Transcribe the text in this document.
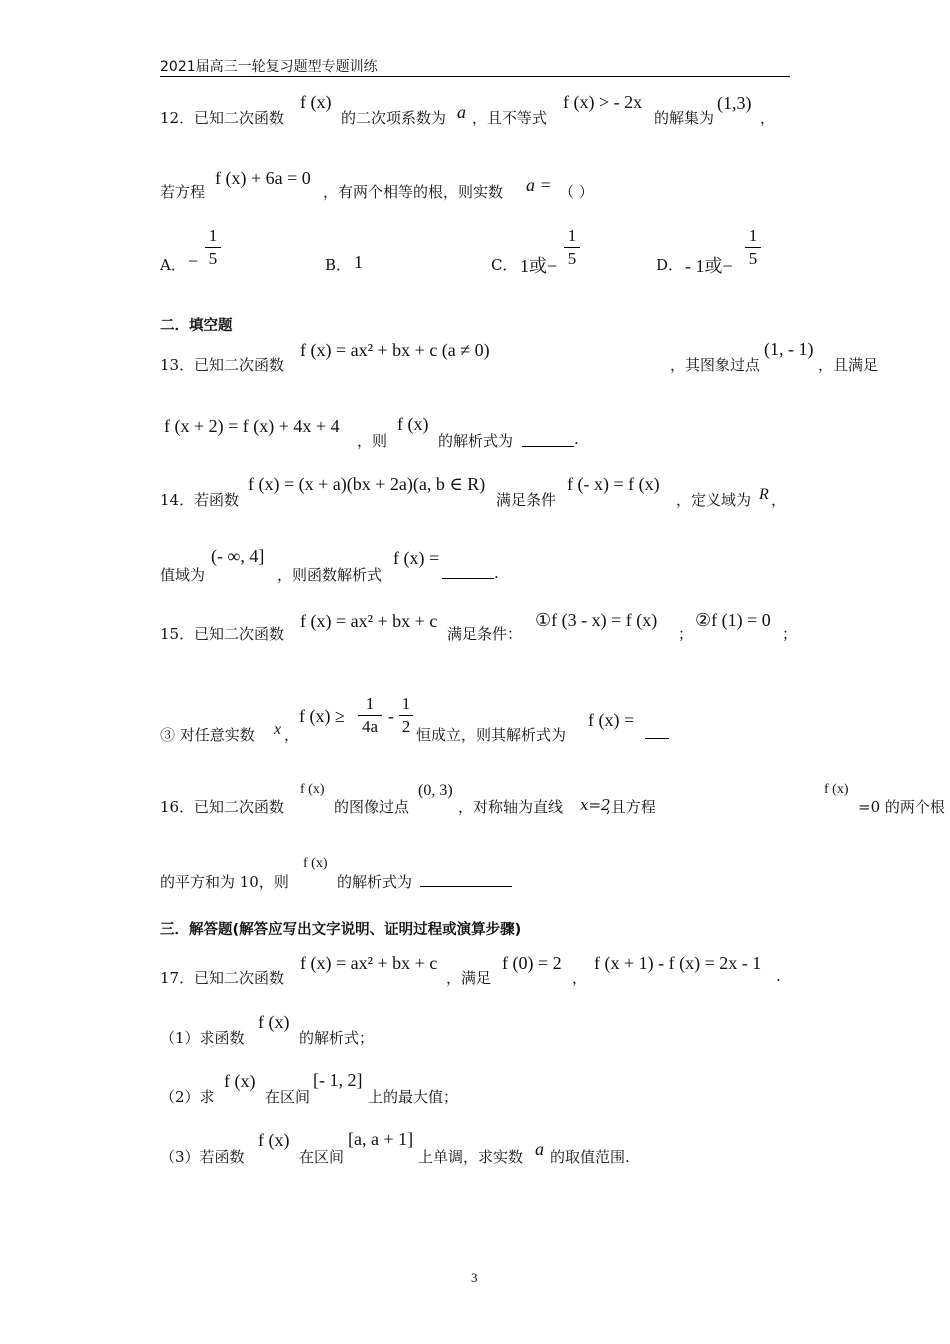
2021届高三一轮复习题型专题训练
12． 已知二次函数
f (x)
的二次项系数为 a ，且不等式
f (x) > - 2x
的解集为
(1,3)
，
若方程
f (x) + 6a = 0
，有两个相等的根，则实数 a = （ ）
A． −
1
5	B． 1	C． 1或−
1
5	D． - 1或−
1
5
二．填空题
13． 已知二次函数
f (x) = ax² + bx + c (a ≠ 0)
，其图象过点
(1, - 1)
，且满足
f (x + 2) = f (x) + 4x + 4
，则
f (x)
的解析式为	.
14． 若函数
f (x) = (x + a)(bx + 2a)(a, b ∈ R)
满足条件
f (- x) = f (x)
，定义域为 R ，
值域为
(- ∞, 4]
，则函数解析式
f (x) =
.
15． 已知二次函数
f (x) = ax² + bx + c
满足条件：
①f (3 - x) = f (x)
；
②f (1) = 0
；
③ 对任意实数 x ，
f (x) ≥
1
4a
-
1
2 恒成立，则其解析式为
f (x) =
16． 已知二次函数
f (x)
的图像过点
(0, 3)
，对称轴为直线 x=2
,且方程
f (x)
=0 的两个根
的平方和为 10，则
f (x)
的解析式为
三．解答题(解答应写出文字说明、证明过程或演算步骤)
17． 已知二次函数
f (x) = ax² + bx + c
，满足
f (0) = 2
，
f (x + 1) - f (x) = 2x - 1
.
（1）求函数
f (x)
的解析式；
（2）求
f (x)
在区间
[- 1, 2]
上的最大值；
（3）若函数
f (x)
在区间
[a, a + 1]
上单调，求实数 a 的取值范围.
3
